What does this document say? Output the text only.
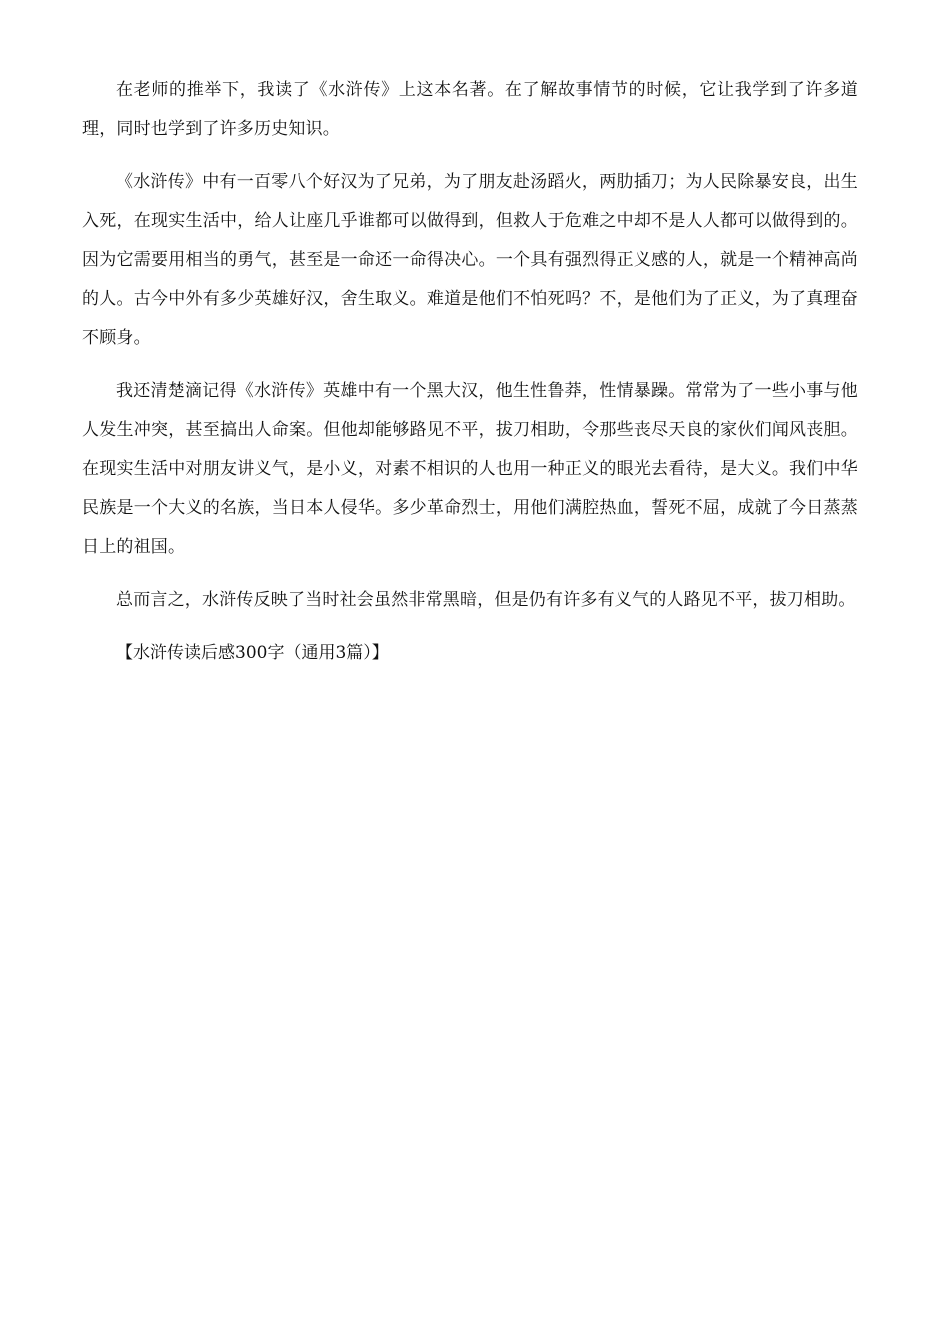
在老师的推举下，我读了《水浒传》上这本名著。在了解故事情节的时候，它让我学到了许多道理，同时也学到了许多历史知识。

《水浒传》中有一百零八个好汉为了兄弟，为了朋友赴汤蹈火，两肋插刀；为人民除暴安良，出生入死，在现实生活中，给人让座几乎谁都可以做得到，但救人于危难之中却不是人人都可以做得到的。因为它需要用相当的勇气，甚至是一命还一命得决心。一个具有强烈得正义感的人，就是一个精神高尚的人。古今中外有多少英雄好汉，舍生取义。难道是他们不怕死吗？不，是他们为了正义，为了真理奋不顾身。

我还清楚滴记得《水浒传》英雄中有一个黑大汉，他生性鲁莽，性情暴躁。常常为了一些小事与他人发生冲突，甚至搞出人命案。但他却能够路见不平，拔刀相助，令那些丧尽天良的家伙们闻风丧胆。在现实生活中对朋友讲义气，是小义，对素不相识的人也用一种正义的眼光去看待，是大义。我们中华民族是一个大义的名族，当日本人侵华。多少革命烈士，用他们满腔热血，誓死不屈，成就了今日蒸蒸日上的祖国。

总而言之，水浒传反映了当时社会虽然非常黑暗，但是仍有许多有义气的人路见不平，拔刀相助。

【水浒传读后感300字（通用3篇）】
